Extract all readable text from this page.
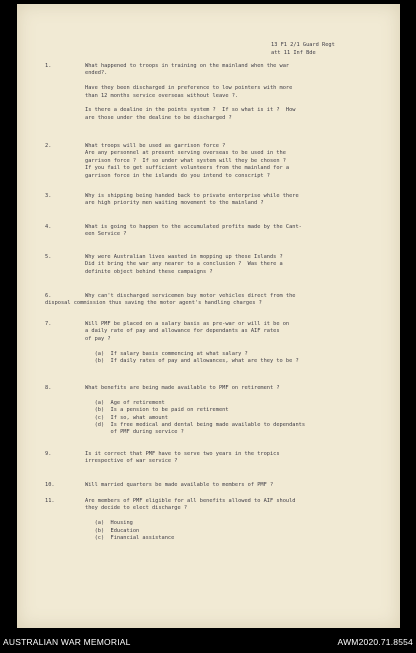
13 F1 2/1 Guard Regt
att 11 Inf Bde
1.	What happened to troops in training on the mainland when the war
ended?.
Have they been discharged in preference to low pointers with more
than 12 months service overseas without leave ?.
Is there a dealine in the points system ?  If so what is it ?  How
are those under the dealine to be discharged ?
2.	What troops will be used as garrison force ?
Are any personnel at present serving overseas to be used in the
garrison force ?  If so under what system will they be chosen ?
If you fail to get sufficient volunteers from the mainland for a
garrison force in the islands do you intend to conscript ?
3.	Why is shipping being handed back to private enterprise while there
are high priority men waiting movement to the mainland ?
4.	What is going to happen to the accumulated profits made by the Cant-
een Service ?
5.	Why were Australian lives wasted in mopping up these Islands ?
Did it bring the war any nearer to a conclusion ?  Was there a
definite object behind these campaigns ?
6.	Why can't discharged servicemen buy motor vehicles direct from the
disposal commission thus saving the motor agent's handling charges ?
7.	Will PMF be placed on a salary basis as pre-war or will it be on
a daily rate of pay and allowance for dependants as AIF rates
of pay ?
(a)  If salary basis commencing at what salary ?
(b)  If daily rates of pay and allowances, what are they to be ?
8.	What benefits are being made available to PMF on retirement ?
(a)  Age of retirement
(b)  Is a pension to be paid on retirement
(c)  If so, what amount
(d)  Is free medical and dental being made available to dependants
of PMF during service ?
9.	Is it correct that PMF have to serve two years in the tropics
irrespective of war service ?
10.	Will married quarters be made available to members of PMF ?
11.	Are members of PMF eligible for all benefits allowed to AIF should
they decide to elect discharge ?
(a)  Housing
(b)  Education
(c)  Financial assistance
AUSTRALIAN WAR MEMORIAL	AWM2020.71.8554
